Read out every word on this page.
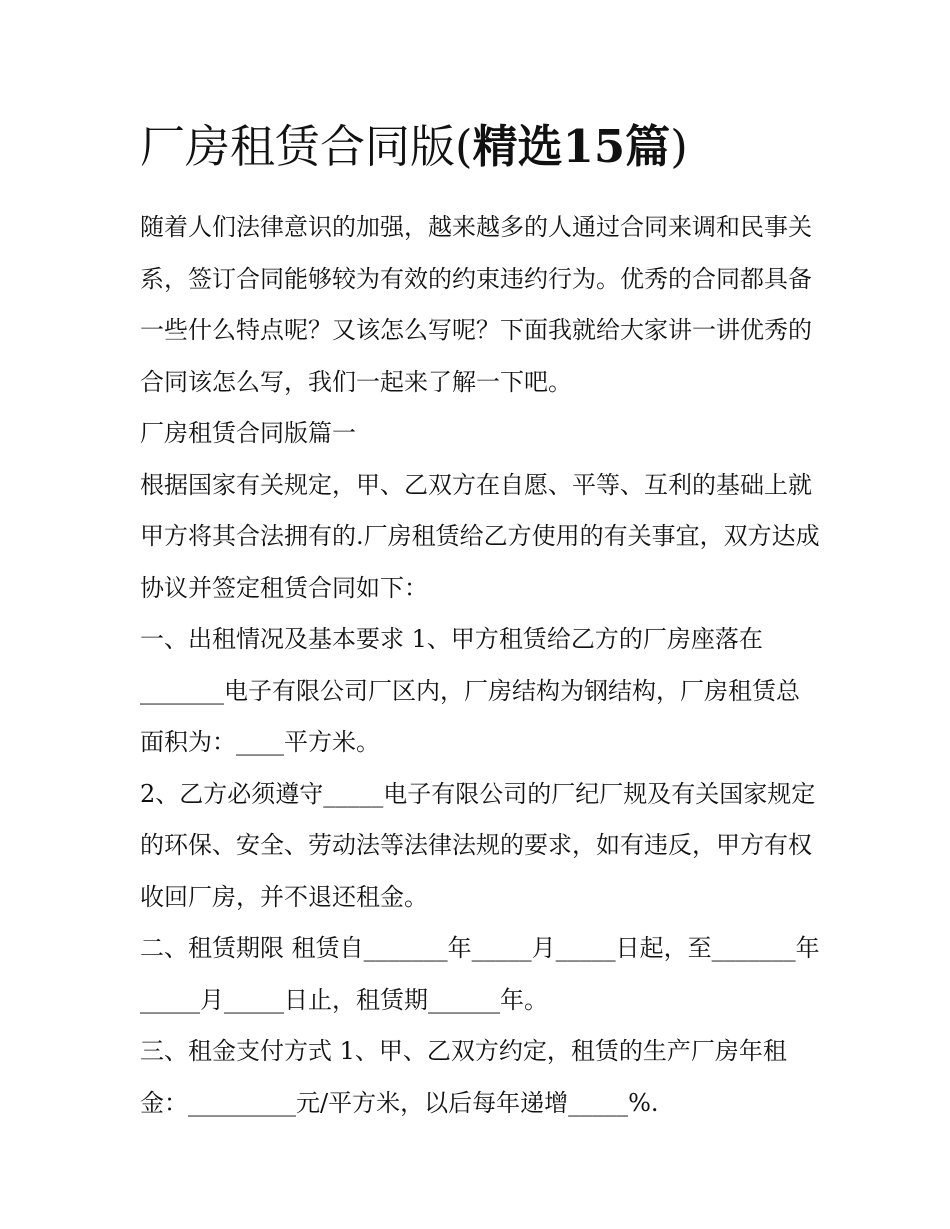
厂房租赁合同版(精选15篇)

随着人们法律意识的加强，越来越多的人通过合同来调和民事关系，签订合同能够较为有效的约束违约行为。优秀的合同都具备一些什么特点呢？又该怎么写呢？下面我就给大家讲一讲优秀的合同该怎么写，我们一起来了解一下吧。

厂房租赁合同版篇一

根据国家有关规定，甲、乙双方在自愿、平等、互利的基础上就甲方将其合法拥有的.厂房租赁给乙方使用的有关事宜，双方达成协议并签定租赁合同如下：

一、出租情况及基本要求 1、甲方租赁给乙方的厂房座落在_______电子有限公司厂区内，厂房结构为钢结构，厂房租赁总面积为：____平方米。

2、乙方必须遵守_____电子有限公司的厂纪厂规及有关国家规定的环保、安全、劳动法等法律法规的要求，如有违反，甲方有权收回厂房，并不退还租金。

二、租赁期限 租赁自_______年_____月_____日起，至_______年_____月_____日止，租赁期______年。

三、租金支付方式 1、甲、乙双方约定，租赁的生产厂房年租金：_________元/平方米，以后每年递增_____%.
